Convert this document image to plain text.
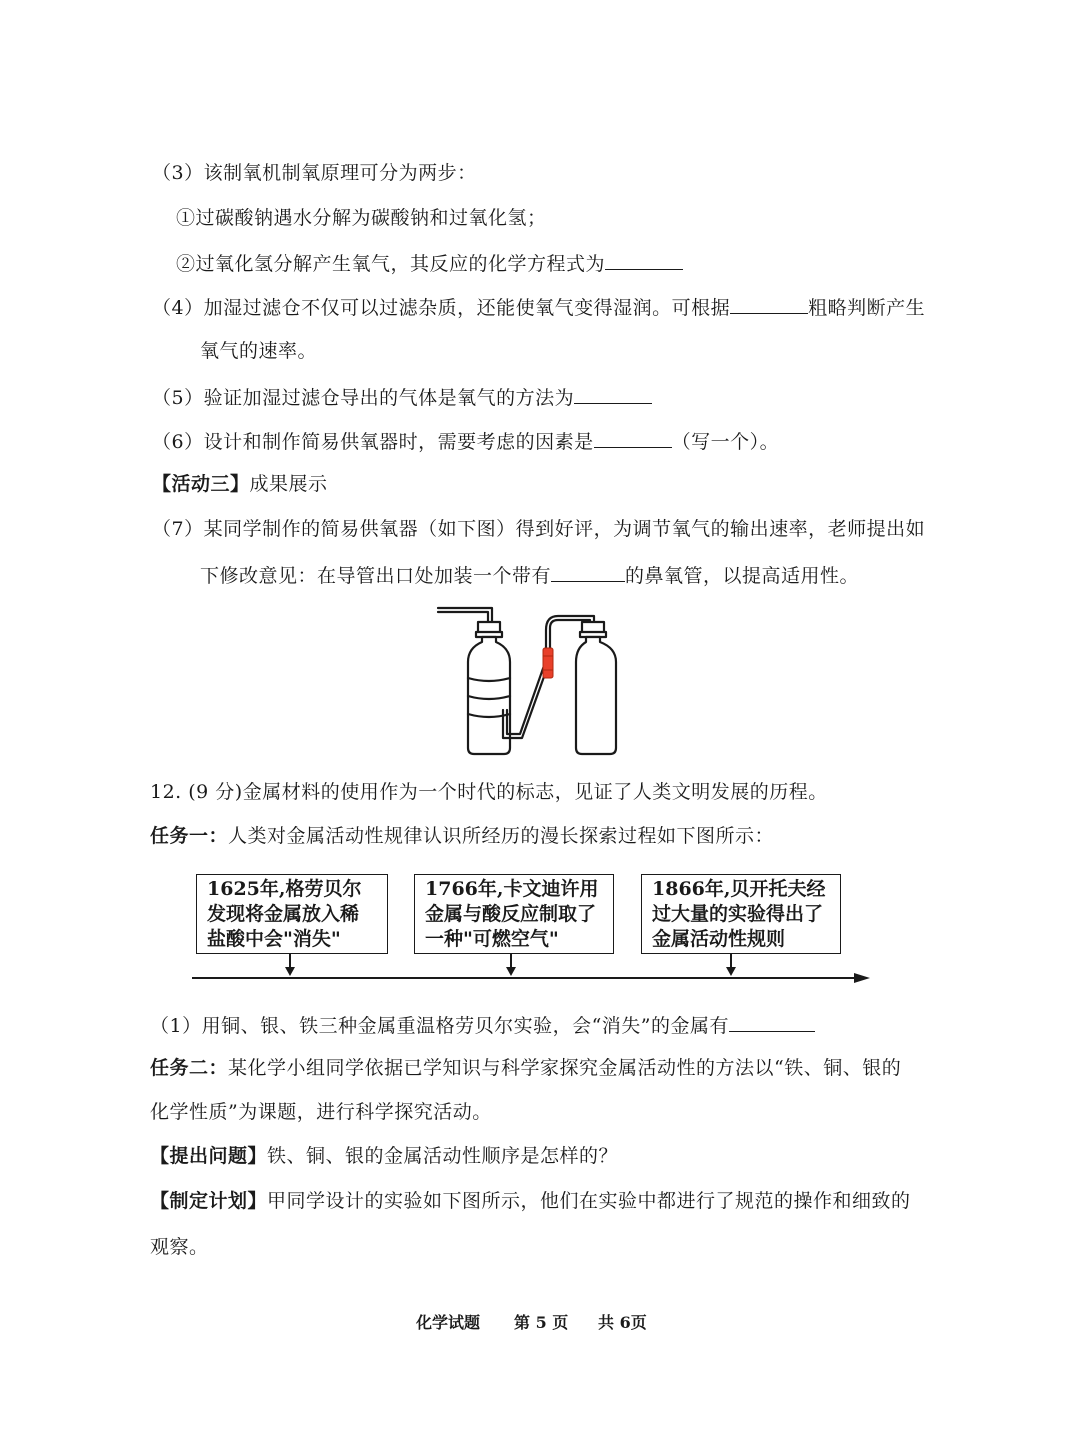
（3）该制氧机制氧原理可分为两步：
①过碳酸钠遇水分解为碳酸钠和过氧化氢；
②过氧化氢分解产生氧气，其反应的化学方程式为
（4）加湿过滤仓不仅可以过滤杂质，还能使氧气变得湿润。可根据	粗略判断产生
氧气的速率。
（5）验证加湿过滤仓导出的气体是氧气的方法为
（6）设计和制作简易供氧器时，需要考虑的因素是	（写一个）。
【活动三】成果展示
（7）某同学制作的简易供氧器（如下图）得到好评，为调节氧气的输出速率，老师提出如
下修改意见：在导管出口处加装一个带有	的鼻氧管，以提高适用性。
12. (9 分)金属材料的使用作为一个时代的标志，见证了人类文明发展的历程。
任务一：人类对金属活动性规律认识所经历的漫长探索过程如下图所示：
1625年,格劳贝尔
发现将金属放入稀
盐酸中会"消失"
1766年,卡文迪许用
金属与酸反应制取了
一种"可燃空气"
1866年,贝开托夫经
过大量的实验得出了
金属活动性规则
（1）用铜、银、铁三种金属重温格劳贝尔实验，会“消失”的金属有
任务二：某化学小组同学依据已学知识与科学家探究金属活动性的方法以“铁、铜、银的
化学性质”为课题，进行科学探究活动。
【提出问题】铁、铜、银的金属活动性顺序是怎样的？
【制定计划】甲同学设计的实验如下图所示，他们在实验中都进行了规范的操作和细致的
观察。
化学试题 第 5 页 共 6页
